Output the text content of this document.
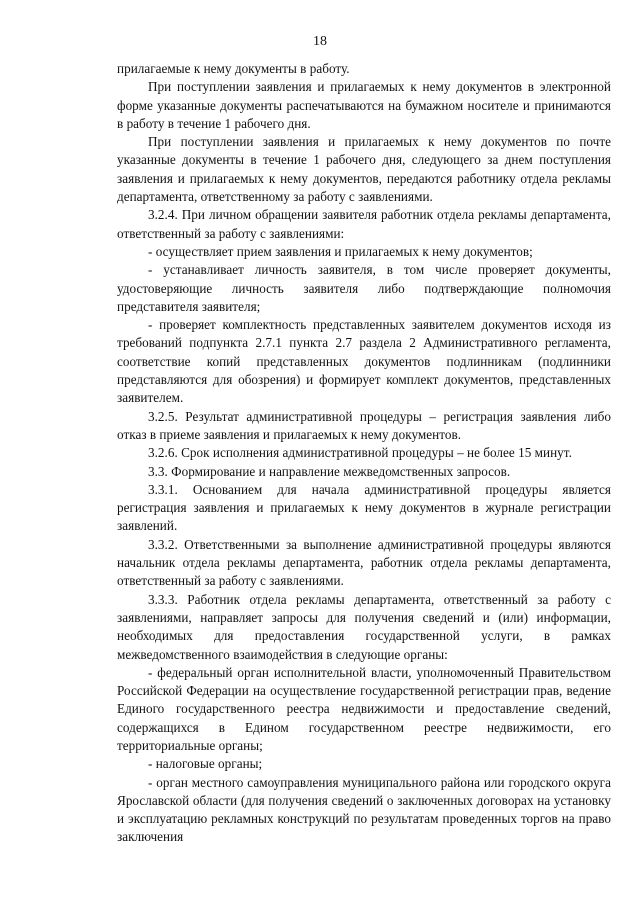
18

прилагаемые к нему документы в работу.

При поступлении заявления и прилагаемых к нему документов в электронной форме указанные документы распечатываются на бумажном носителе и принимаются в работу в течение 1 рабочего дня.

При поступлении заявления и прилагаемых к нему документов по почте указанные документы в течение 1 рабочего дня, следующего за днем поступления заявления и прилагаемых к нему документов, передаются работнику отдела рекламы департамента, ответственному за работу с заявлениями.

3.2.4. При личном обращении заявителя работник отдела рекламы департамента, ответственный за работу с заявлениями:

- осуществляет прием заявления и прилагаемых к нему документов;

- устанавливает личность заявителя, в том числе проверяет документы, удостоверяющие личность заявителя либо подтверждающие полномочия представителя заявителя;

- проверяет комплектность представленных заявителем документов исходя из требований подпункта 2.7.1 пункта 2.7 раздела 2 Административного регламента, соответствие копий представленных документов подлинникам (подлинники представляются для обозрения) и формирует комплект документов, представленных заявителем.

3.2.5. Результат административной процедуры – регистрация заявления либо отказ в приеме заявления и прилагаемых к нему документов.

3.2.6. Срок исполнения административной процедуры – не более 15 минут.

3.3. Формирование и направление межведомственных запросов.

3.3.1. Основанием для начала административной процедуры является регистрация заявления и прилагаемых к нему документов в журнале регистрации заявлений.

3.3.2. Ответственными за выполнение административной процедуры являются начальник отдела рекламы департамента, работник отдела рекламы департамента, ответственный за работу с заявлениями.

3.3.3. Работник отдела рекламы департамента, ответственный за работу с заявлениями, направляет запросы для получения сведений и (или) информации, необходимых для предоставления государственной услуги, в рамках межведомственного взаимодействия в следующие органы:

- федеральный орган исполнительной власти, уполномоченный Правительством Российской Федерации на осуществление государственной регистрации прав, ведение Единого государственного реестра недвижимости и предоставление сведений, содержащихся в Едином государственном реестре недвижимости, его территориальные органы;

- налоговые органы;

- орган местного самоуправления муниципального района или городского округа Ярославской области (для получения сведений о заключенных договорах на установку и эксплуатацию рекламных конструкций по результатам проведенных торгов на право заключения
